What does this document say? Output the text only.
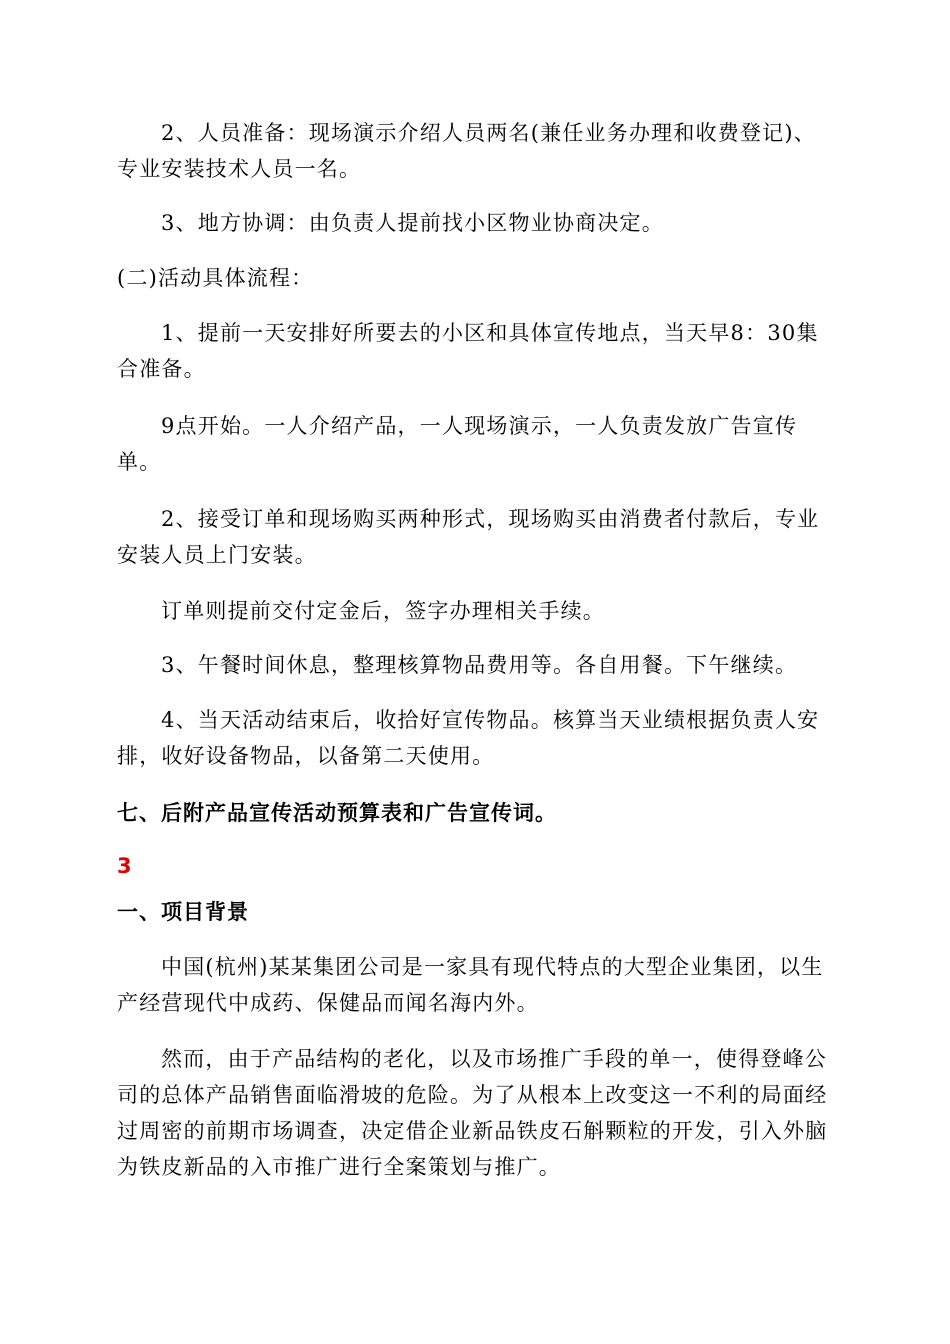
2、人员准备：现场演示介绍人员两名(兼任业务办理和收费登记)、专业安装技术人员一名。

3、地方协调：由负责人提前找小区物业协商决定。

(二)活动具体流程：

1、提前一天安排好所要去的小区和具体宣传地点，当天早8：30集合准备。

9点开始。一人介绍产品，一人现场演示，一人负责发放广告宣传单。

2、接受订单和现场购买两种形式，现场购买由消费者付款后，专业安装人员上门安装。

订单则提前交付定金后，签字办理相关手续。

3、午餐时间休息，整理核算物品费用等。各自用餐。下午继续。

4、当天活动结束后，收拾好宣传物品。核算当天业绩根据负责人安排，收好设备物品，以备第二天使用。

七、后附产品宣传活动预算表和广告宣传词。

3

一、项目背景

中国(杭州)某某集团公司是一家具有现代特点的大型企业集团，以生产经营现代中成药、保健品而闻名海内外。

然而，由于产品结构的老化，以及市场推广手段的单一，使得登峰公司的总体产品销售面临滑坡的危险。为了从根本上改变这一不利的局面经过周密的前期市场调查，决定借企业新品铁皮石斛颗粒的开发，引入外脑为铁皮新品的入市推广进行全案策划与推广。
